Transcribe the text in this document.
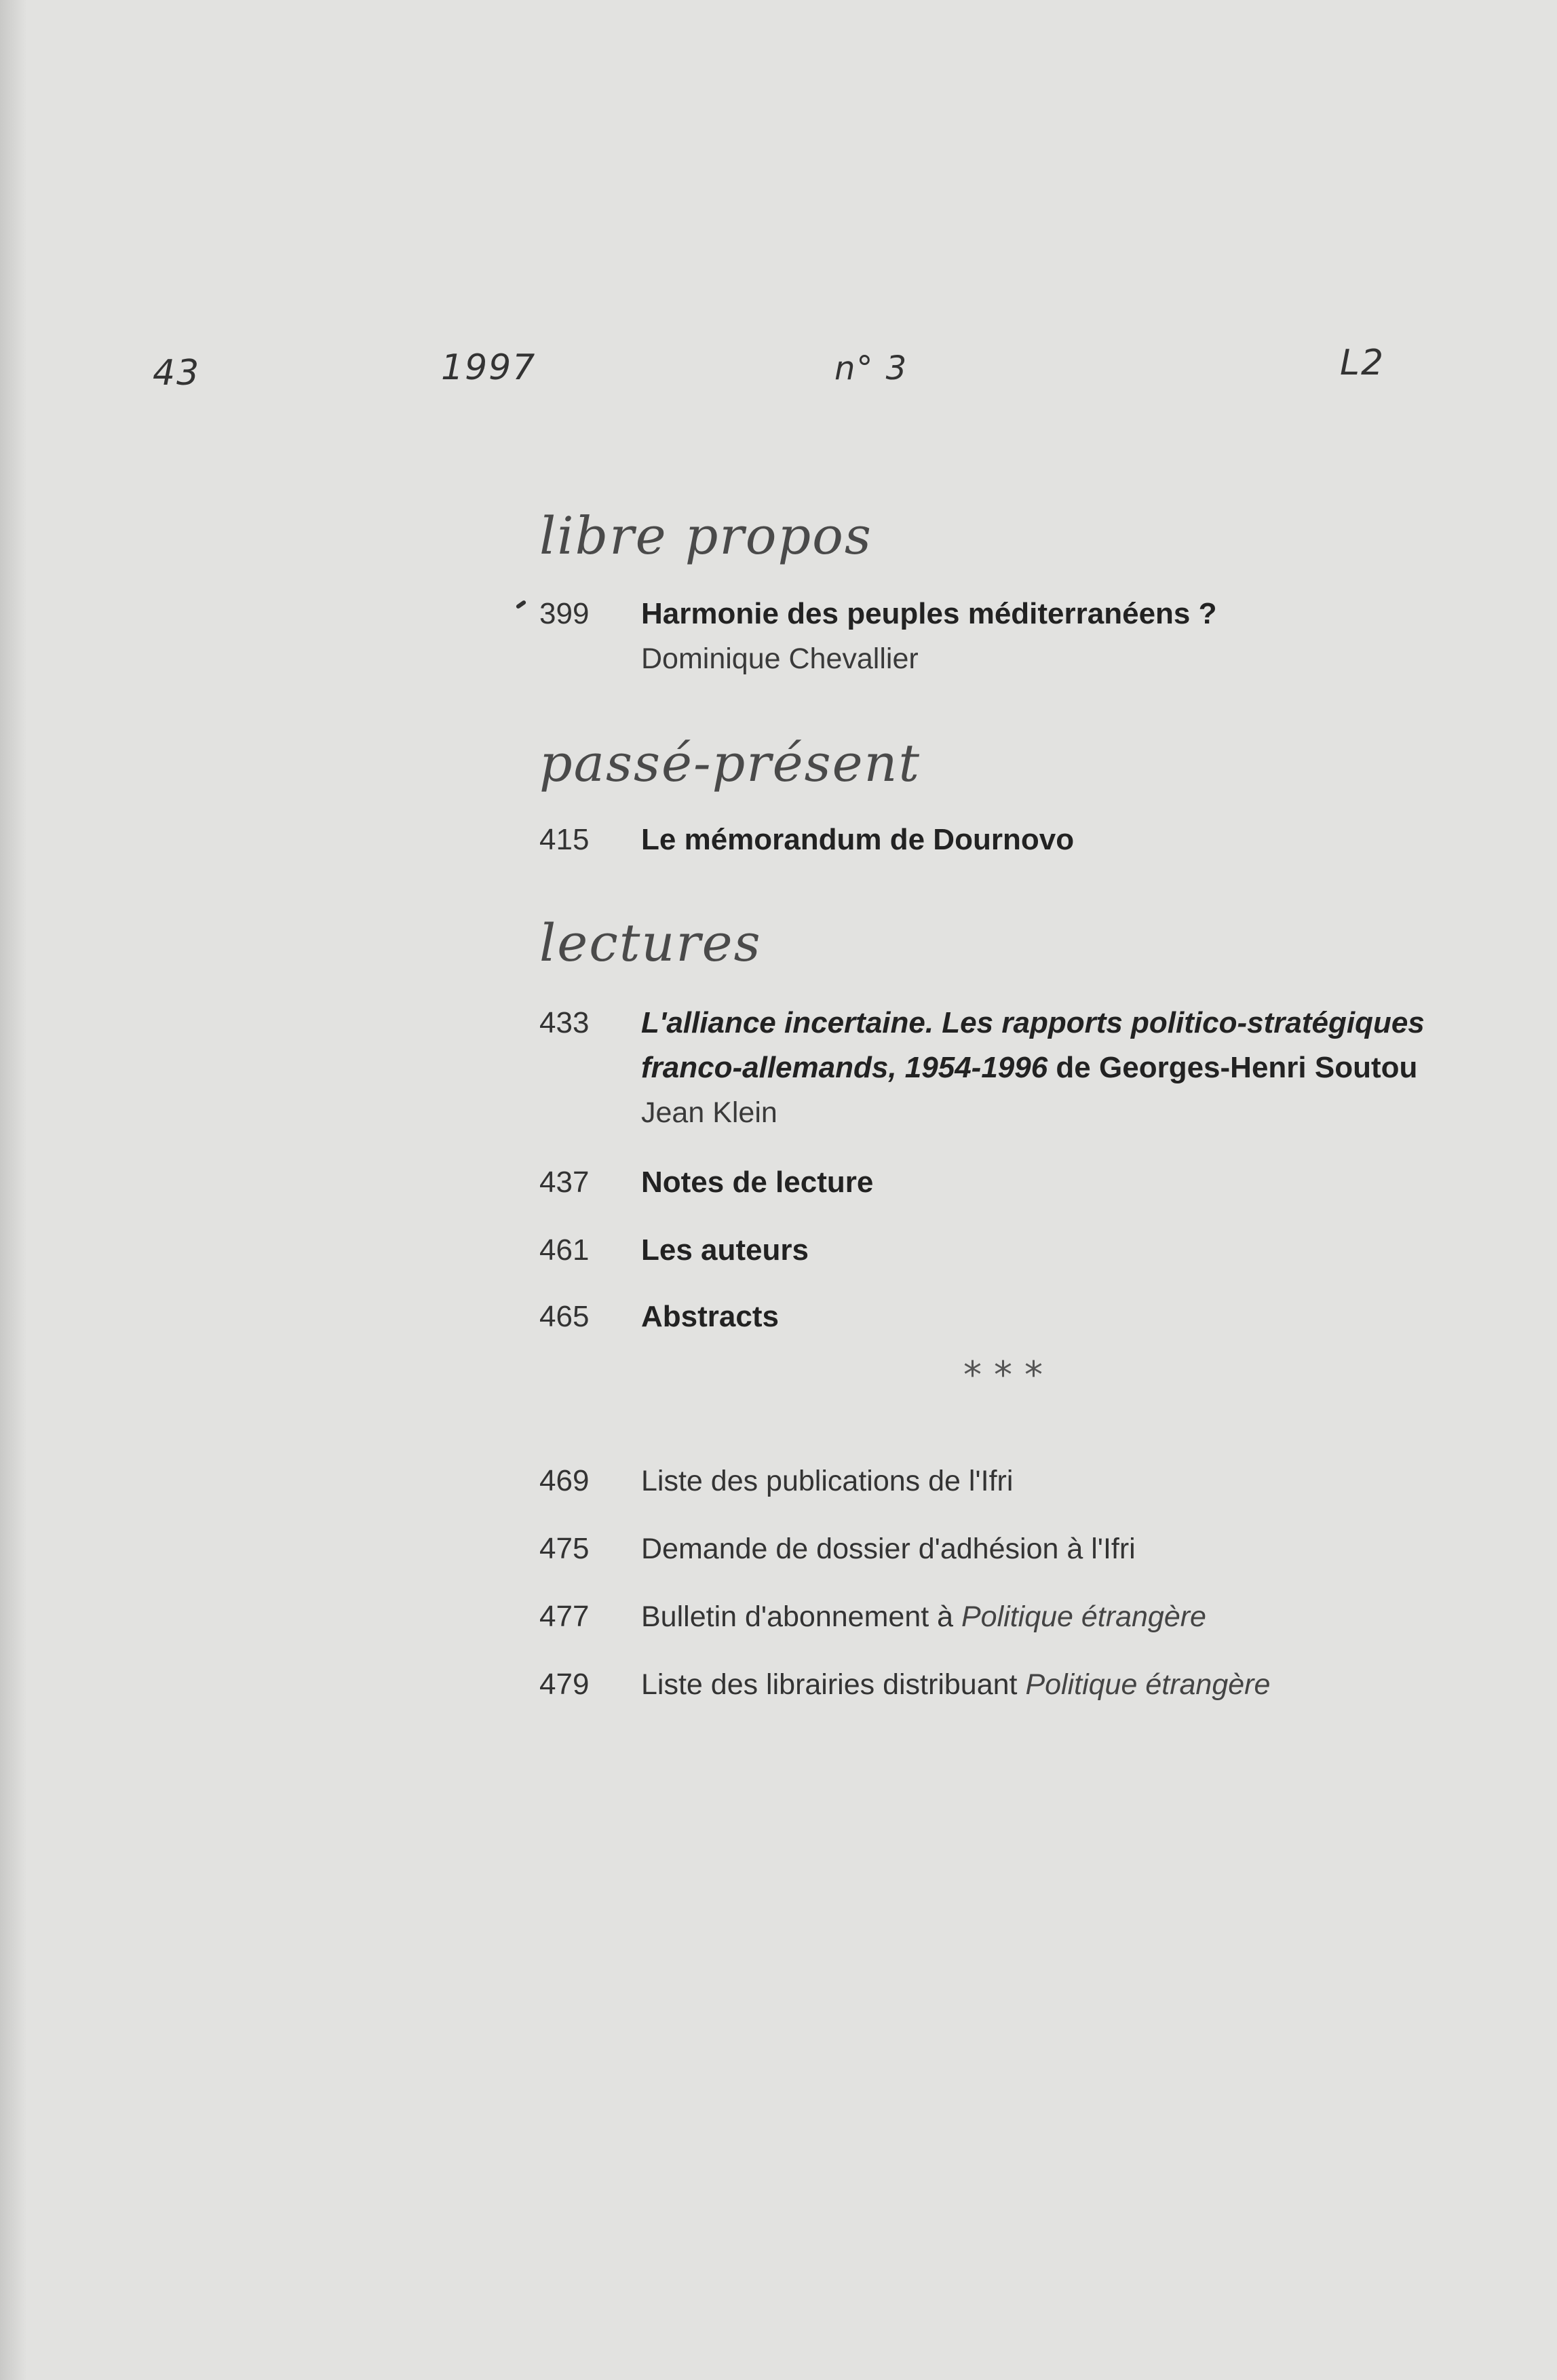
43	1997	n° 3	L2
libre propos
399	Harmonie des peuples méditerranéens ?
Dominique Chevallier
passé-présent
415	Le mémorandum de Dournovo
lectures
433	L'alliance incertaine. Les rapports politico-stratégiques
franco-allemands, 1954-1996 de Georges-Henri Soutou
Jean Klein
437	Notes de lecture
461	Les auteurs
465	Abstracts
***
469	Liste des publications de l'Ifri
475	Demande de dossier d'adhésion à l'Ifri
477	Bulletin d'abonnement à Politique étrangère
479	Liste des librairies distribuant Politique étrangère
